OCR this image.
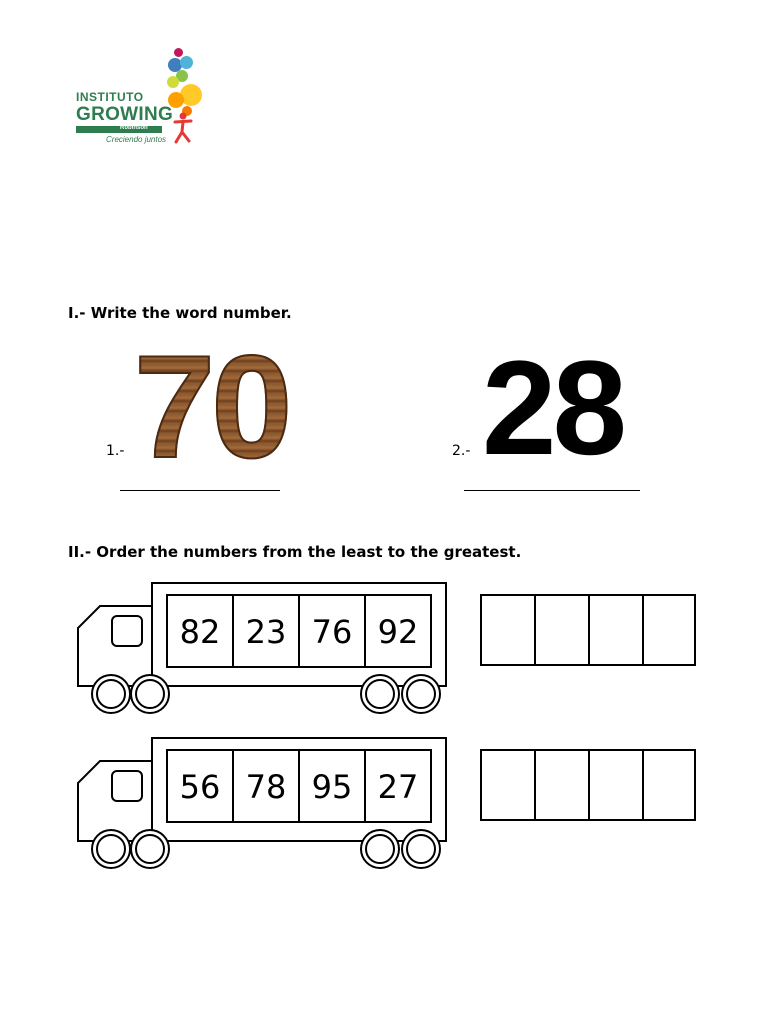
INSTITUTO
GROWING
Robinson
Creciendo juntos
I.- Write the word number.
1.- 70	2.- 28
II.- Order the numbers from the least to the greatest.
82 23 76 92
56 78 95 27
